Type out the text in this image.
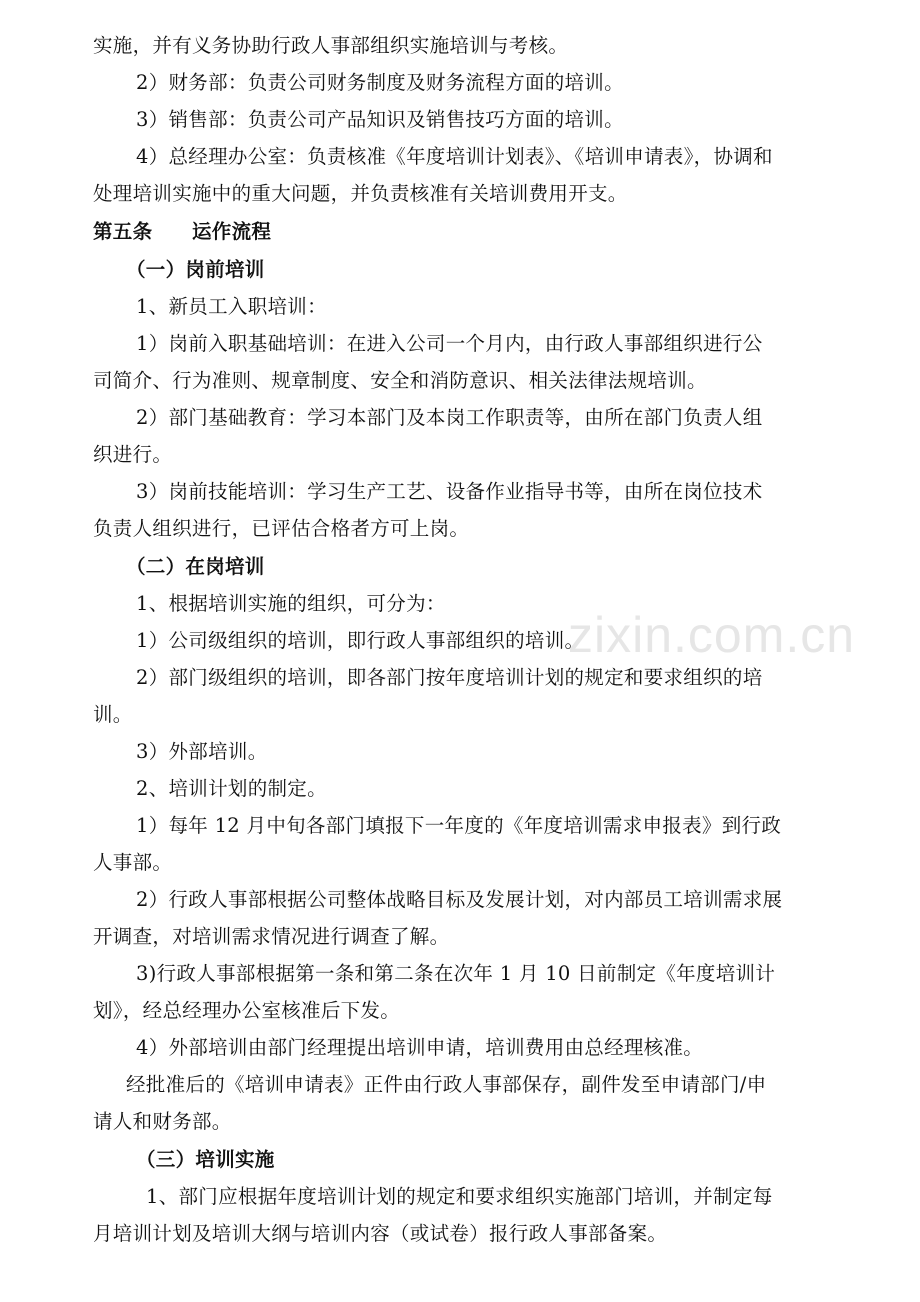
zixin.com.cn
实施，并有义务协助行政人事部组织实施培训与考核。
2）财务部：负责公司财务制度及财务流程方面的培训。
3）销售部：负责公司产品知识及销售技巧方面的培训。
4）总经理办公室：负责核准《年度培训计划表》、《培训申请表》，协调和
处理培训实施中的重大问题，并负责核准有关培训费用开支。
第五条　　运作流程
（一）岗前培训
1、新员工入职培训：
1）岗前入职基础培训：在进入公司一个月内，由行政人事部组织进行公
司简介、行为准则、规章制度、安全和消防意识、相关法律法规培训。
2）部门基础教育：学习本部门及本岗工作职责等，由所在部门负责人组
织进行。
3）岗前技能培训：学习生产工艺、设备作业指导书等，由所在岗位技术
负责人组织进行，已评估合格者方可上岗。
（二）在岗培训
1、根据培训实施的组织，可分为：
1）公司级组织的培训，即行政人事部组织的培训。
2）部门级组织的培训，即各部门按年度培训计划的规定和要求组织的培
训。
3）外部培训。
2、培训计划的制定。
1）每年 12 月中旬各部门填报下一年度的《年度培训需求申报表》到行政
人事部。
2）行政人事部根据公司整体战略目标及发展计划，对内部员工培训需求展
开调查，对培训需求情况进行调查了解。
3)行政人事部根据第一条和第二条在次年 1 月 10 日前制定《年度培训计
划》，经总经理办公室核准后下发。
4）外部培训由部门经理提出培训申请，培训费用由总经理核准。
经批准后的《培训申请表》正件由行政人事部保存，副件发至申请部门/申
请人和财务部。
（三）培训实施
1、部门应根据年度培训计划的规定和要求组织实施部门培训，并制定每
月培训计划及培训大纲与培训内容（或试卷）报行政人事部备案。
